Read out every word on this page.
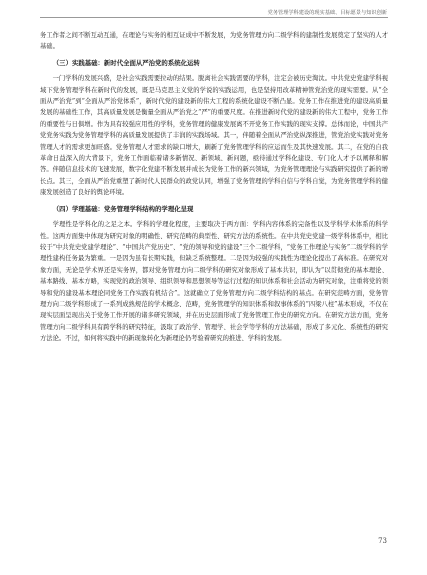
党务管理学科建设的现实基础、目标愿景与知识创新

务工作者之间不断互动互通，在理论与实务的相互证成中不断发展，为党务管理方向二级学科的建制性发展奠定了坚实的人才基础。

（三）实践基础：新时代全面从严治党的系统化运转

一门学科的发展兴盛，是社会实践需要拉动的结果。脱离社会实践需要的学科，注定会被历史淘汰。中共党史党建学科视域下党务管理学科在新时代的发展，既是马克思主义党的学说的实践运用，也是坚持用改革精神管党治党的现实需要。从“全面从严治党”到“全面从严治党体系”，新时代党的建设新的伟大工程的系统化建设不断凸显。党务工作在推进党的建设高质量发展的基础性工作，其高质量发展是衡量全面从严治党之“严”的重要尺度。在推进新时代党的建设新的伟大工程中，党务工作的重要性与日俱增。作为具有较强应用性的学科，党务管理的健康发展离不开党务工作实践的现实支撑。总体而论，中国共产党党务实践为党务管理学科的高质量发展提供了丰润的实践场域。其一，伴随着全面从严治党纵深推进，管党治党实践对党务管理人才的需求更加旺盛。党务管理人才需求的缺口增大，刷新了党务管理学科的应运而生及其快速发展。其二，在党的自我革命日益深入的大背景下，党务工作面临着诸多新情况、新领域、新问题，亟待通过学科化建设、专门化人才予以阐释和解答。伴随信息技术的飞速发展，数字化党建不断发展并成长为党务工作的新兴领域，为党务管理理论与实践研究提供了新的增长点。其三，全面从严治党重塑了新时代人民群众的政党认同，增强了党务管理的学科自信与学科自觉，为党务管理学科的健康发展创造了良好的舆论环境。

（四）学理基础：党务管理学科结构的学理化呈现

学理性是学科化的之足之本。学科的学理化程度，主要取决于两方面：学科内容体系的完备性以及学科学术体系的科学性。这两方面集中体现为研究对象的明确性、研究范畴的典型性、研究方法的系统性。在中共党史党建一级学科体系中，相比较于“中共党史党建学理论”、“中国共产党历史”、“党的领导和党的建设”三个二级学科，“党务工作理论与实务”二级学科的学理性建构任务最为繁重。一是因为虽有长期实践，但缺乏系统整理。二是因为较强的实践性为理论化提出了高标准。在研究对象方面，无论是学术界还是实务界，都对党务管理方向二级学科的研究对象形成了基本共识，即认为“以贯彻党的基本理论、基本路线、基本方略，实现党的政治领导、组织领导和思想领导等运行过程的知识体系和社会活动为研究对象，注重将党的领导和党的建设基本理论同党务工作实践有机结合”。这就确立了党务管理方向二级学科结构的基点。在研究范畴方面，党务管理方向二级学科形成了一系列成熟规范的学术概念、范畴，党务管理学的知识体系和叙事体系的“四梁八柱”基本形成，不仅在现实层面呈现出关于党务工作开展的诸多研究领域，并在历史层面形成了党务管理工作史的研究方向。在研究方法方面，党务管理方向二级学科具有跨学科的研究特征，汲取了政治学、管理学、社会学等学科的方法基础，形成了多元化、系统性的研究方法论。不过，如何将实践中的新现象转化为新理论仍考验着研究的推进、学科的发展。

73
